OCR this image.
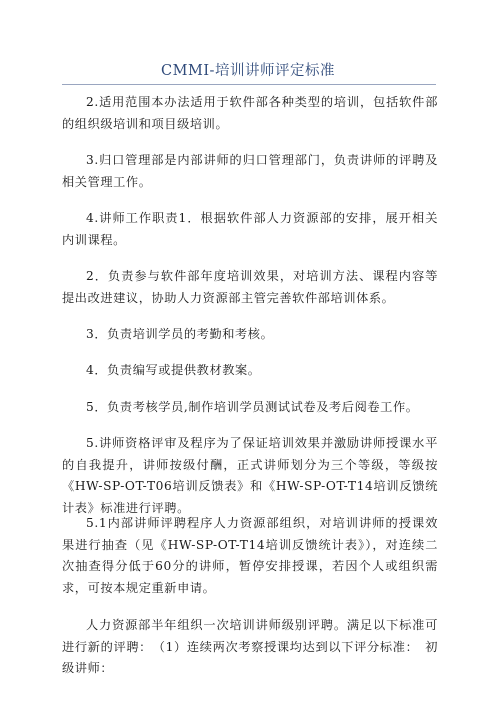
CMMI-培训讲师评定标准

2.适用范围本办法适用于软件部各种类型的培训，包括软件部的组织级培训和项目级培训。

3.归口管理部是内部讲师的归口管理部门，负责讲师的评聘及相关管理工作。

4.讲师工作职责1．根据软件部人力资源部的安排，展开相关内训课程。

2．负责参与软件部年度培训效果，对培训方法、课程内容等提出改进建议，协助人力资源部主管完善软件部培训体系。

3．负责培训学员的考勤和考核。

4．负责编写或提供教材教案。

5．负责考核学员,制作培训学员测试试卷及考后阅卷工作。

5.讲师资格评审及程序为了保证培训效果并激励讲师授课水平的自我提升，讲师按级付酬，正式讲师划分为三个等级，等级按《HW-SP-OT-T06培训反馈表》和《HW-SP-OT-T14培训反馈统计表》标准进行评聘。

5.1内部讲师评聘程序人力资源部组织，对培训讲师的授课效果进行抽查（见《HW-SP-OT-T14培训反馈统计表》），对连续二次抽查得分低于60分的讲师，暂停安排授课，若因个人或组织需求，可按本规定重新申请。

人力资源部半年组织一次培训讲师级别评聘。满足以下标准可进行新的评聘：　（1）连续两次考察授课均达到以下评分标准：　初级讲师：
